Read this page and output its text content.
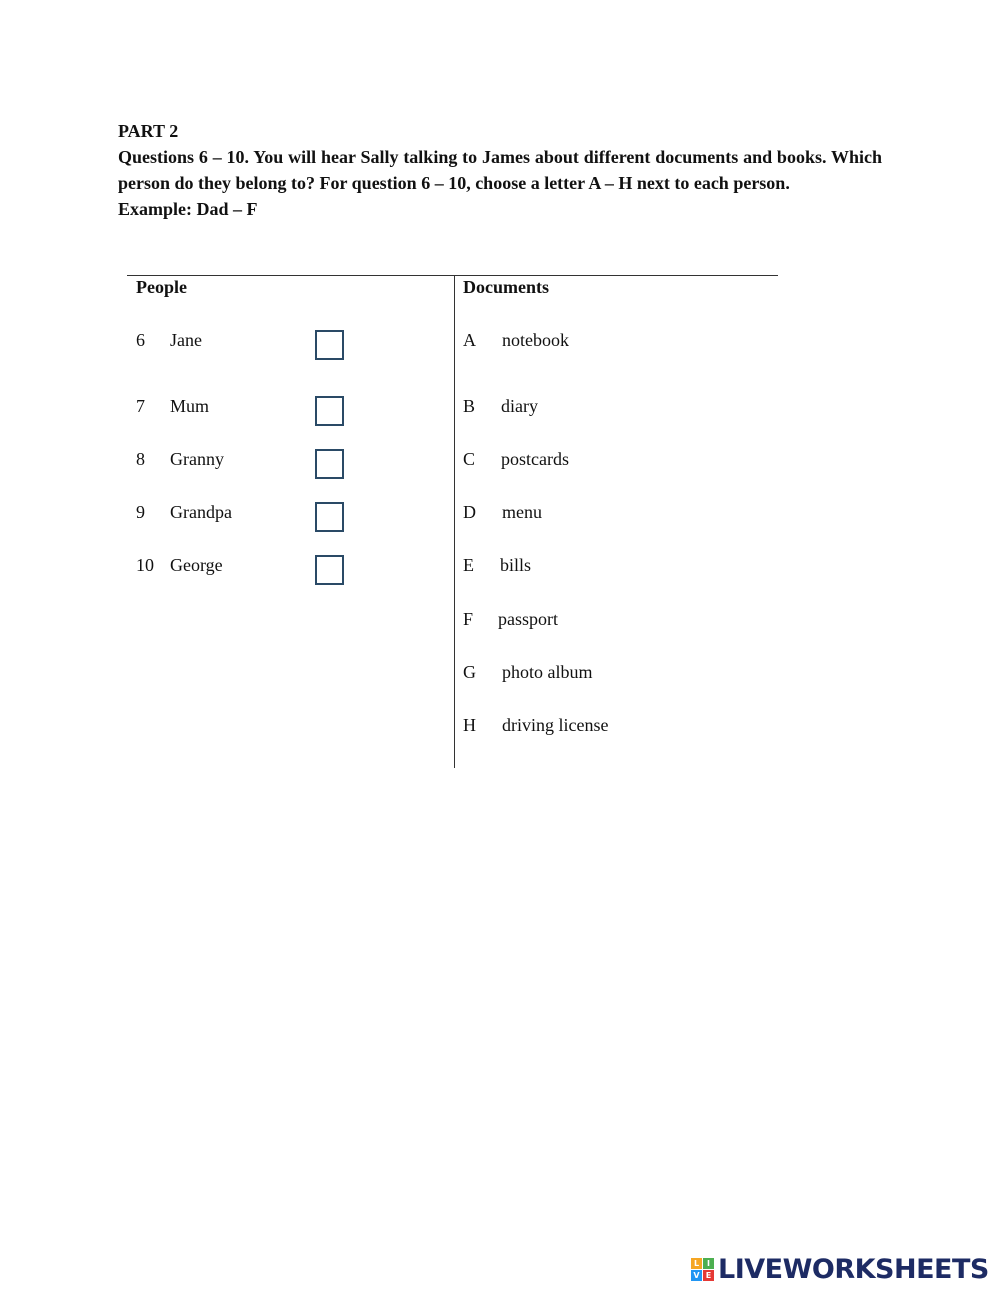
PART 2

Questions 6 – 10. You will hear Sally talking to James about different documents and books. Which person do they belong to? For question 6 – 10, choose a letter A – H next to each person.

Example: Dad – F

People	Documents
6 Jane
7 Mum
8 Granny
9 Grandpa
10 George
A notebook
B diary
C postcards
D menu
E bills
F passport
G photo album
H driving license
L I
V E LIVEWORKSHEETS
